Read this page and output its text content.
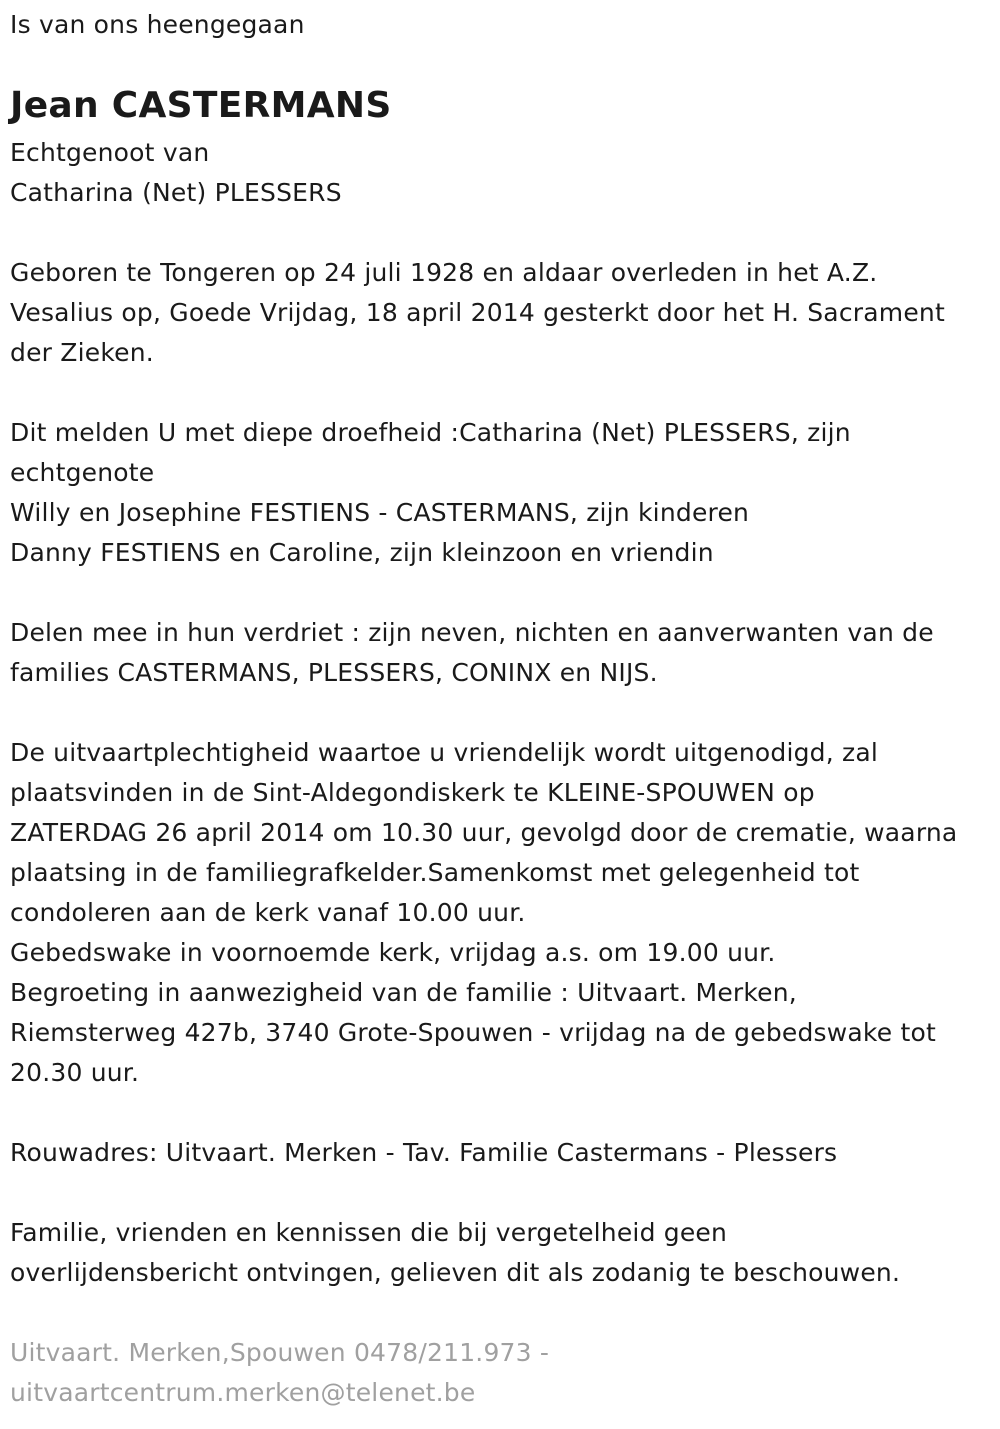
Is van ons heengegaan

Jean CASTERMANS

Echtgenoot van

Catharina (Net) PLESSERS

Geboren te Tongeren op 24 juli 1928 en aldaar overleden in het A.Z.

Vesalius op, Goede Vrijdag, 18 april 2014 gesterkt door het H. Sacrament

der Zieken.

Dit melden U met diepe droefheid :Catharina (Net) PLESSERS, zijn

echtgenote

Willy en Josephine FESTIENS - CASTERMANS, zijn kinderen

Danny FESTIENS en Caroline, zijn kleinzoon en vriendin

Delen mee in hun verdriet : zijn neven, nichten en aanverwanten van de

families CASTERMANS, PLESSERS, CONINX en NIJS.

De uitvaartplechtigheid waartoe u vriendelijk wordt uitgenodigd, zal

plaatsvinden in de Sint-Aldegondiskerk te KLEINE-SPOUWEN op

ZATERDAG 26 april 2014 om 10.30 uur, gevolgd door de crematie, waarna

plaatsing in de familiegrafkelder.Samenkomst met gelegenheid tot

condoleren aan de kerk vanaf 10.00 uur.

Gebedswake in voornoemde kerk, vrijdag a.s. om 19.00 uur.

Begroeting in aanwezigheid van de familie : Uitvaart. Merken,

Riemsterweg 427b, 3740 Grote-Spouwen - vrijdag na de gebedswake tot

20.30 uur.

Rouwadres: Uitvaart. Merken - Tav. Familie Castermans - Plessers

Familie, vrienden en kennissen die bij vergetelheid geen

overlijdensbericht ontvingen, gelieven dit als zodanig te beschouwen.

Uitvaart. Merken,Spouwen 0478/211.973 -

uitvaartcentrum.merken@telenet.be
